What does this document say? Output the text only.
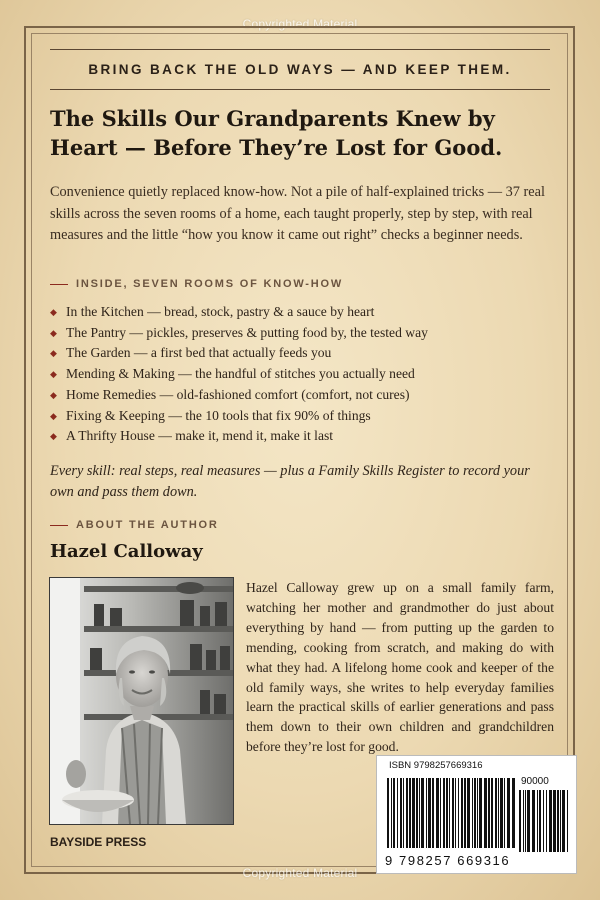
Copyrighted Material
BRING BACK THE OLD WAYS — AND KEEP THEM.
The Skills Our Grandparents Knew by
Heart — Before They’re Lost for Good.
Convenience quietly replaced know-how. Not a pile of half-explained tricks — 37 real skills across the seven rooms of a home, each taught properly, step by step, with real measures and the little “how you know it came out right” checks a beginner needs.
INSIDE, SEVEN ROOMS OF KNOW-HOW
◆ In the Kitchen — bread, stock, pastry & a sauce by heart
◆ The Pantry — pickles, preserves & putting food by, the tested way
◆ The Garden — a first bed that actually feeds you
◆ Mending & Making — the handful of stitches you actually need
◆ Home Remedies — old-fashioned comfort (comfort, not cures)
◆ Fixing & Keeping — the 10 tools that fix 90% of things
◆ A Thrifty House — make it, mend it, make it last
Every skill: real steps, real measures — plus a Family Skills Register to record your own and pass them down.
ABOUT THE AUTHOR
Hazel Calloway
Hazel Calloway grew up on a small family farm, watching her mother and grandmother do just about everything by hand — from putting up the garden to mending, cooking from scratch, and making do with what they had. A lifelong home cook and keeper of the old family ways, she writes to help everyday families learn the practical skills of earlier generations and pass them down to their own children and grandchildren before they’re lost for good.
BAYSIDE PRESS
ISBN 9798257669316
90000
9 798257 669316
Copyrighted Material
